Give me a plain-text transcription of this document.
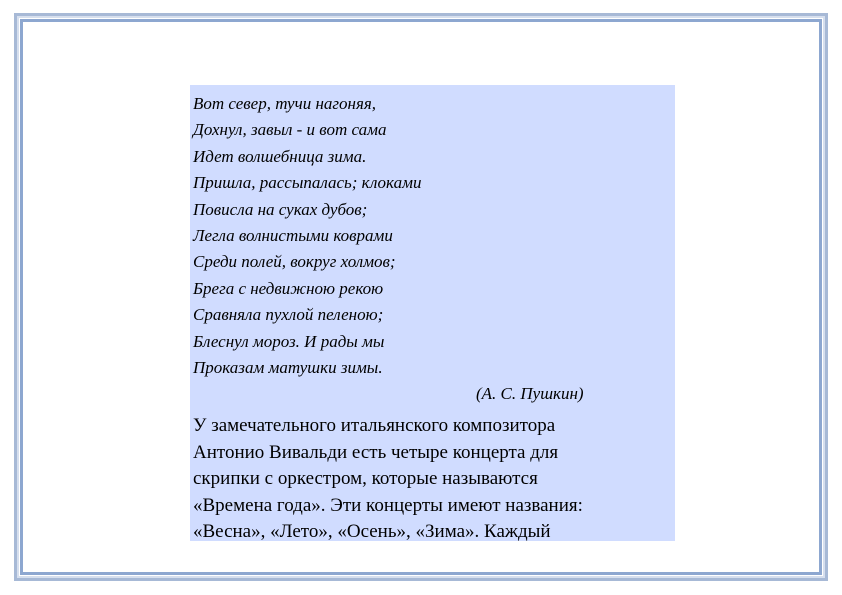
Вот север, тучи нагоняя,
Дохнул, завыл - и вот сама
Идет волшебница зима.
Пришла, рассыпалась; клоками
Повисла на суках дубов;
Легла волнистыми коврами
Среди полей, вокруг холмов;
Брега с недвижною рекою
Сравняла пухлой пеленою;
Блеснул мороз. И рады мы
Проказам матушки зимы.
(А. С. Пушкин)
У замечательного итальянского композитора
Антонио Вивальди есть четыре концерта для
скрипки с оркестром, которые называются
«Времена года». Эти концерты имеют названия:
«Весна», «Лето», «Осень», «Зима». Каждый
